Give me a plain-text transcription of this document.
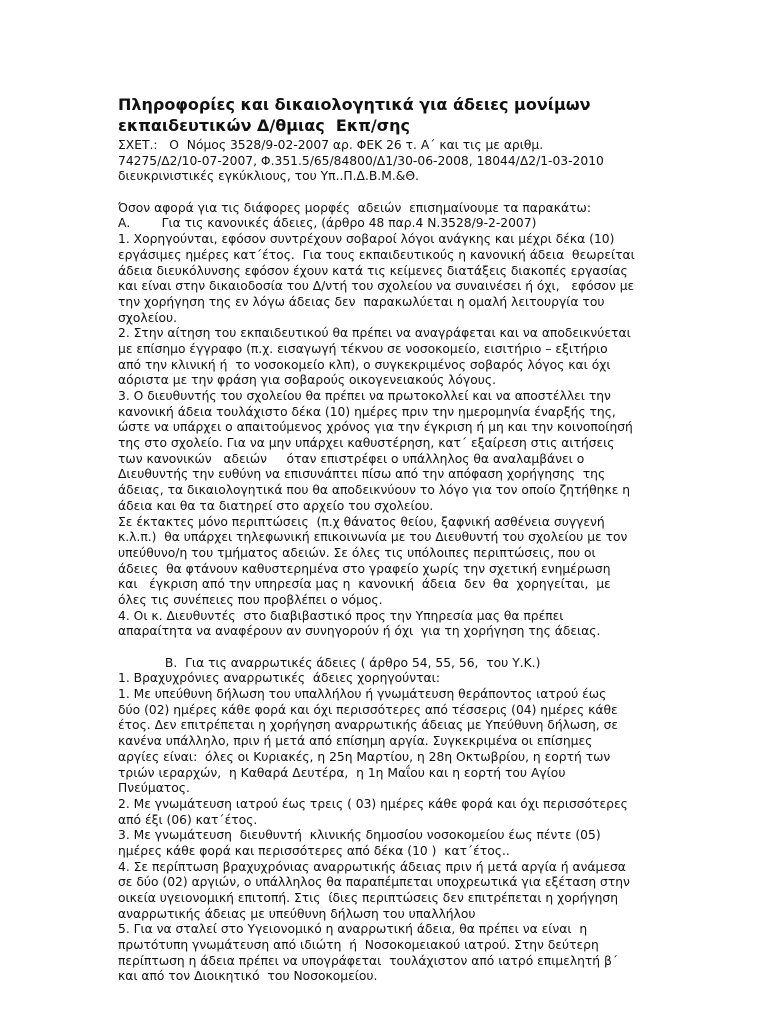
Πληροφορίες και δικαιολογητικά για άδειες μονίμων
εκπαιδευτικών Δ/θμιας  Εκπ/σης
ΣΧΕΤ.:   Ο  Νόμος 3528/9-02-2007 αρ. ΦΕΚ 26 τ. Α΄ και τις με αριθμ.
74275/Δ2/10-07-2007, Φ.351.5/65/84800/Δ1/30-06-2008, 18044/Δ2/1-03-2010
διευκρινιστικές εγκύκλιους, του Υπ..Π.Δ.Β.Μ.&Θ.
Όσον αφορά για τις διάφορες μορφές  αδειών  επισημαίνουμε τα παρακάτω:
Α.        Για τις κανονικές άδειες, (άρθρο 48 παρ.4 Ν.3528/9-2-2007)
1. Χορηγούνται, εφόσον συντρέχουν σοβαροί λόγοι ανάγκης και μέχρι δέκα (10)
εργάσιμες ημέρες κατ΄έτος.  Για τους εκπαιδευτικούς η κανονική άδεια  θεωρείται
άδεια διευκόλυνσης εφόσον έχουν κατά τις κείμενες διατάξεις διακοπές εργασίας
και είναι στην δικαιοδοσία του Δ/ντή του σχολείου να συναινέσει ή όχι,   εφόσον με
την χορήγηση της εν λόγω άδειας δεν  παρακωλύεται η ομαλή λειτουργία του
σχολείου.
2. Στην αίτηση του εκπαιδευτικού θα πρέπει να αναγράφεται και να αποδεικνύεται
με επίσημο έγγραφο (π.χ. εισαγωγή τέκνου σε νοσοκομείο, εισιτήριο – εξιτήριο
από την κλινική ή  το νοσοκομείο κλπ), ο συγκεκριμένος σοβαρός λόγος και όχι
αόριστα με την φράση για σοβαρούς οικογενειακούς λόγους.
3. Ο διευθυντής του σχολείου θα πρέπει να πρωτοκολλεί και να αποστέλλει την
κανονική άδεια τουλάχιστο δέκα (10) ημέρες πριν την ημερομηνία έναρξής της,
ώστε να υπάρχει ο απαιτούμενος χρόνος για την έγκριση ή μη και την κοινοποίησή
της στο σχολείο. Για να μην υπάρχει καθυστέρηση, κατ΄ εξαίρεση στις αιτήσεις
των κανονικών   αδειών     όταν επιστρέφει ο υπάλληλος θα αναλαμβάνει ο
Διευθυντής την ευθύνη να επισυνάπτει πίσω από την απόφαση χορήγησης  της
άδειας, τα δικαιολογητικά που θα αποδεικνύουν το λόγο για τον οποίο ζητήθηκε η
άδεια και θα τα διατηρεί στο αρχείο του σχολείου.
Σε έκτακτες μόνο περιπτώσεις  (π.χ θάνατος θείου, ξαφνική ασθένεια συγγενή
κ.λ.π.)  θα υπάρχει τηλεφωνική επικοινωνία με του Διευθυντή του σχολείου με τον
υπεύθυνο/η του τμήματος αδειών. Σε όλες τις υπόλοιπες περιπτώσεις, που οι
άδειες  θα φτάνουν καθυστερημένα στο γραφείο χωρίς την σχετική ενημέρωση
και   έγκριση από την υπηρεσία μας η  κανονική  άδεια  δεν  θα  χορηγείται,  με
όλες τις συνέπειες που προβλέπει ο νόμος.
4. Οι κ. Διευθυντές  στο διαβιβαστικό προς την Υπηρεσία μας θα πρέπει
απαραίτητα να αναφέρουν αν συνηγορούν ή όχι  για τη χορήγηση της άδειας.
Β.  Για τις αναρρωτικές άδειες ( άρθρο 54, 55, 56,  του Υ.Κ.)
1. Βραχυχρόνιες αναρρωτικές  άδειες χορηγούνται:
1. Με υπεύθυνη δήλωση του υπαλλήλου ή γνωμάτευση θεράποντος ιατρού έως
δύο (02) ημέρες κάθε φορά και όχι περισσότερες από τέσσερις (04) ημέρες κάθε
έτος. Δεν επιτρέπεται η χορήγηση αναρρωτικής άδειας με Υπεύθυνη δήλωση, σε
κανένα υπάλληλο, πριν ή μετά από επίσημη αργία. Συγκεκριμένα οι επίσημες
αργίες είναι:  όλες οι Κυριακές, η 25η Μαρτίου, η 28η Οκτωβρίου, η εορτή των
τριών ιεραρχών,  η Καθαρά Δευτέρα,  η 1η Μαΐου και η εορτή του Αγίου
Πνεύματος.
2. Με γνωμάτευση ιατρού έως τρεις ( 03) ημέρες κάθε φορά και όχι περισσότερες
από έξι (06) κατ΄έτος.
3. Με γνωμάτευση  διευθυντή  κλινικής δημοσίου νοσοκομείου έως πέντε (05)
ημέρες κάθε φορά και περισσότερες από δέκα (10 )  κατ΄έτος..
4. Σε περίπτωση βραχυχρόνιας αναρρωτικής άδειας πριν ή μετά αργία ή ανάμεσα
σε δύο (02) αργιών, ο υπάλληλος θα παραπέμπεται υποχρεωτικά για εξέταση στην
οικεία υγειονομική επιτοπή. Στις  ίδιες περιπτώσεις δεν επιτρέπεται η χορήγηση
αναρρωτικής άδειας με υπεύθυνη δήλωση του υπαλλήλου
5. Για να σταλεί στο Υγειονομικό η αναρρωτική άδεια, θα πρέπει να είναι  η
πρωτότυπη γνωμάτευση από ιδιώτη  ή  Νοσοκομειακού ιατρού. Στην δεύτερη
περίπτωση η άδεια πρέπει να υπογράφεται  τουλάχιστον από ιατρό επιμελητή β΄
και από τον Διοικητικό  του Νοσοκομείου.
